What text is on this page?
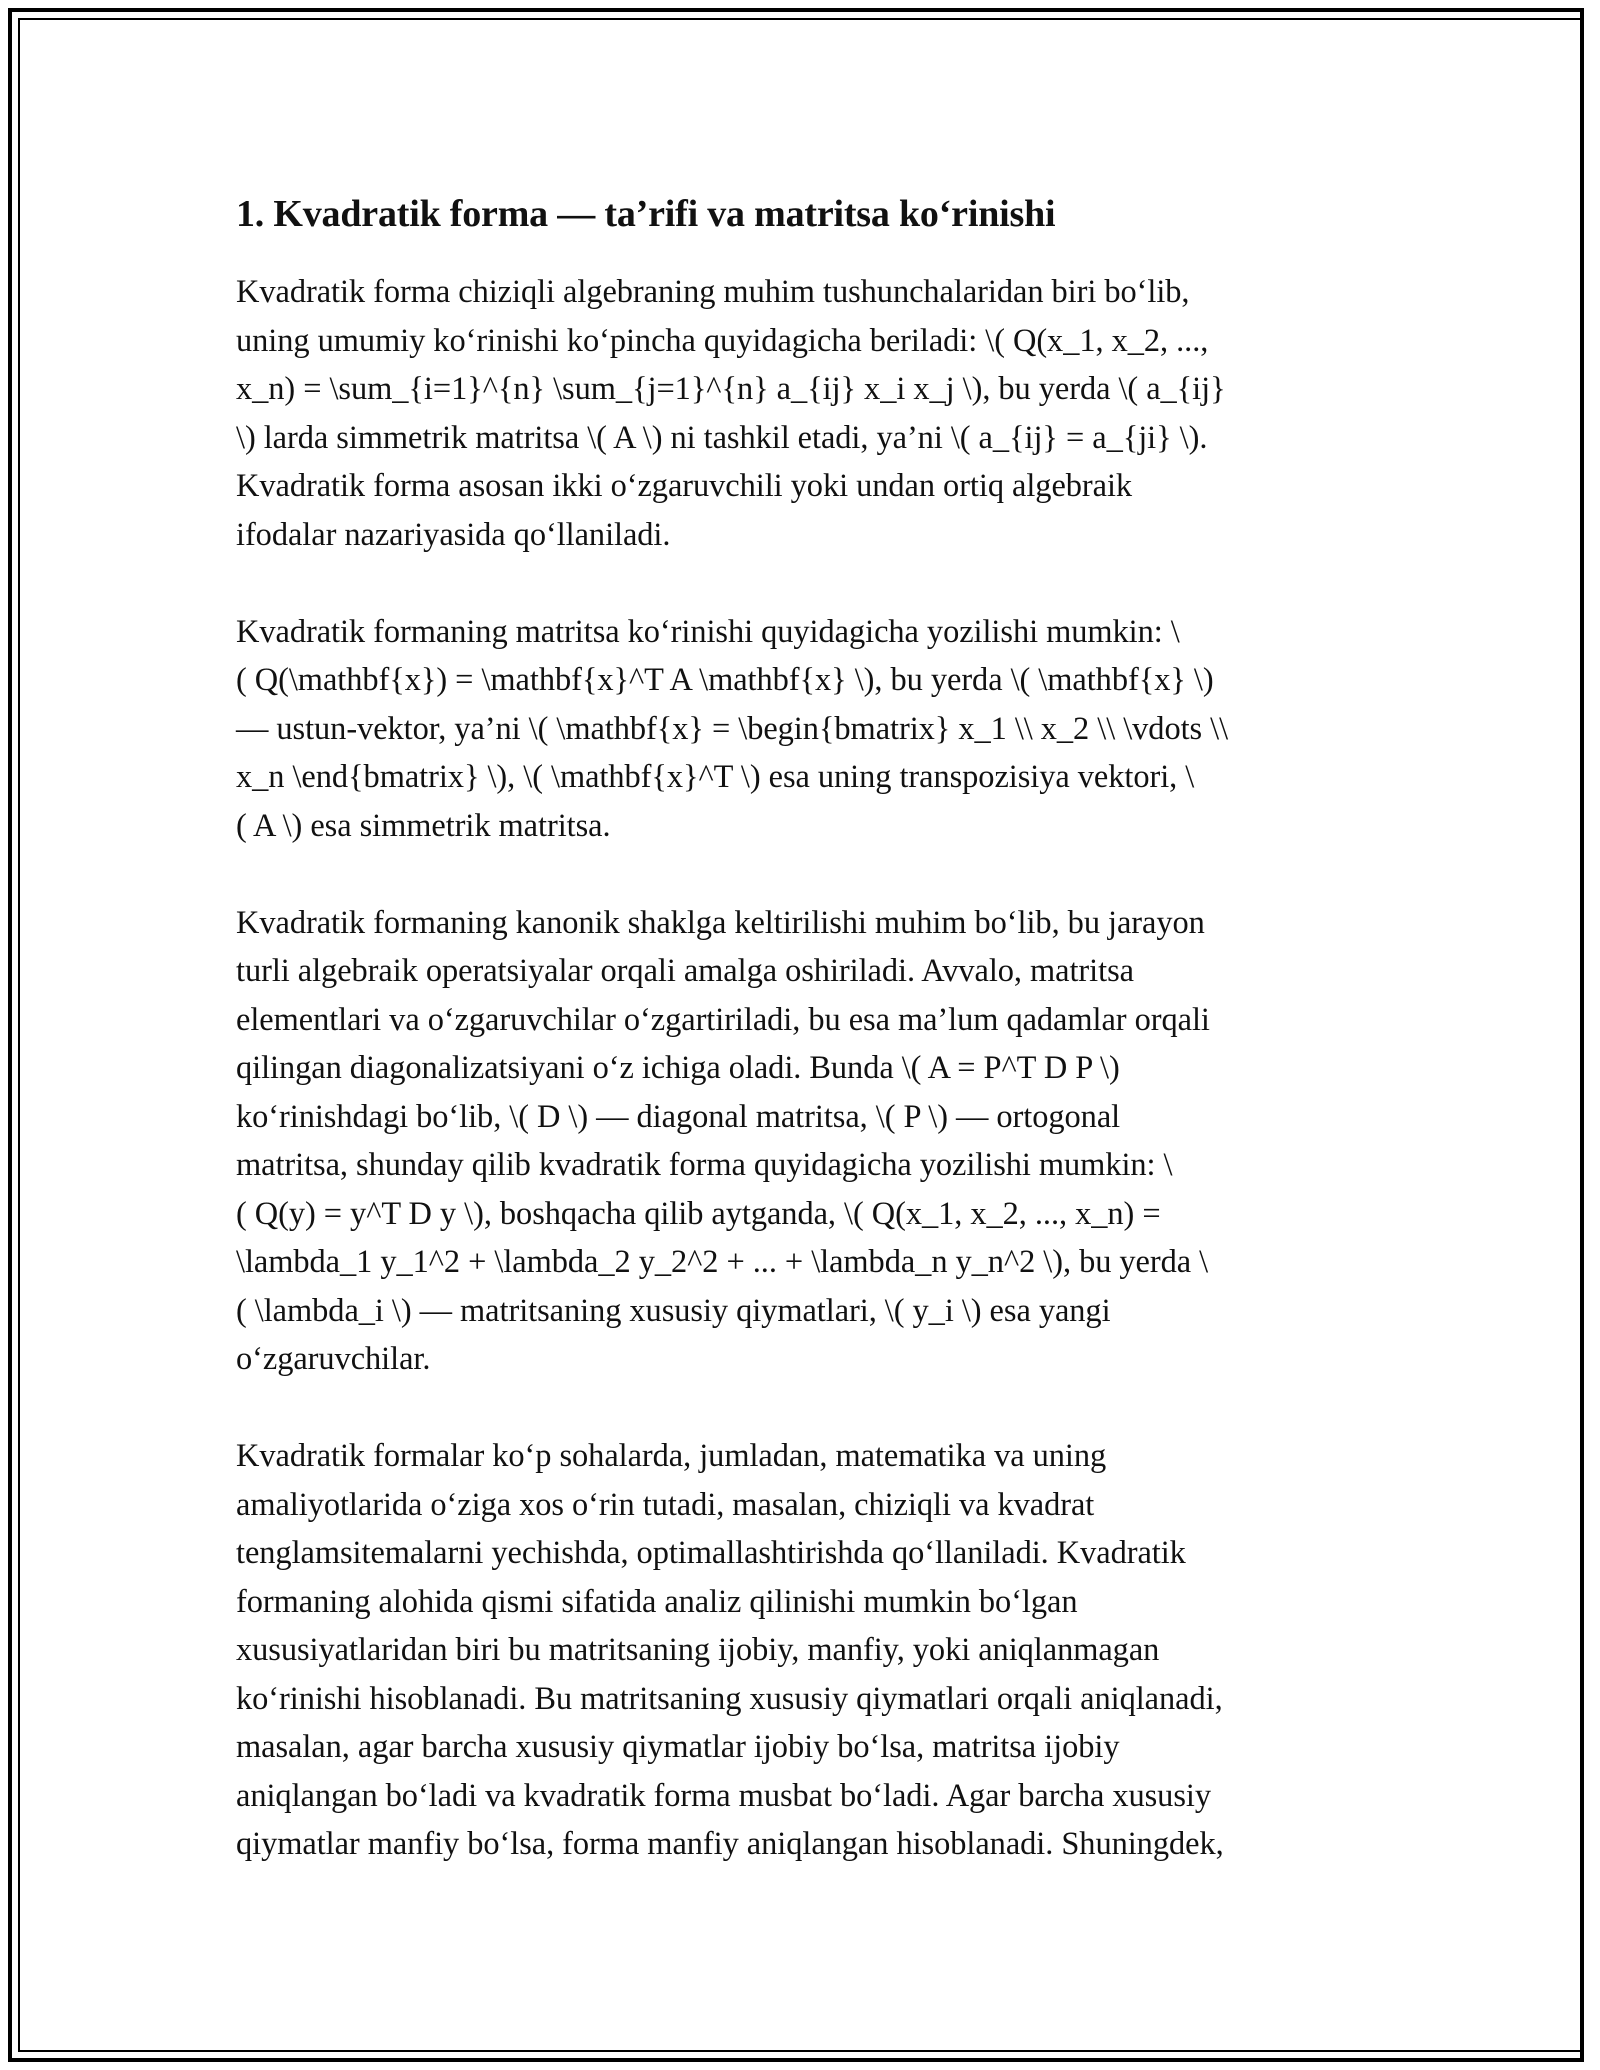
1. Kvadratik forma — ta’rifi va matritsa ko‘rinishi

Kvadratik forma chiziqli algebraning muhim tushunchalaridan biri bo‘lib,
uning umumiy ko‘rinishi ko‘pincha quyidagicha beriladi: \( Q(x_1, x_2, ...,
x_n) = \sum_{i=1}^{n} \sum_{j=1}^{n} a_{ij} x_i x_j \), bu yerda \( a_{ij}
\) larda simmetrik matritsa \( A \) ni tashkil etadi, ya’ni \( a_{ij} = a_{ji} \).
Kvadratik forma asosan ikki o‘zgaruvchili yoki undan ortiq algebraik
ifodalar nazariyasida qo‘llaniladi.

Kvadratik formaning matritsa ko‘rinishi quyidagicha yozilishi mumkin: \
( Q(\mathbf{x}) = \mathbf{x}^T A \mathbf{x} \), bu yerda \( \mathbf{x} \)
— ustun-vektor, ya’ni \( \mathbf{x} = \begin{bmatrix} x_1 \\ x_2 \\ \vdots \\
x_n \end{bmatrix} \), \( \mathbf{x}^T \) esa uning transpozisiya vektori, \
( A \) esa simmetrik matritsa.

Kvadratik formaning kanonik shaklga keltirilishi muhim bo‘lib, bu jarayon
turli algebraik operatsiyalar orqali amalga oshiriladi. Avvalo, matritsa
elementlari va o‘zgaruvchilar o‘zgartiriladi, bu esa ma’lum qadamlar orqali
qilingan diagonalizatsiyani o‘z ichiga oladi. Bunda \( A = P^T D P \)
ko‘rinishdagi bo‘lib, \( D \) — diagonal matritsa, \( P \) — ortogonal
matritsa, shunday qilib kvadratik forma quyidagicha yozilishi mumkin: \
( Q(y) = y^T D y \), boshqacha qilib aytganda, \( Q(x_1, x_2, ..., x_n) =
\lambda_1 y_1^2 + \lambda_2 y_2^2 + ... + \lambda_n y_n^2 \), bu yerda \
( \lambda_i \) — matritsaning xususiy qiymatlari, \( y_i \) esa yangi
o‘zgaruvchilar.

Kvadratik formalar ko‘p sohalarda, jumladan, matematika va uning
amaliyotlarida o‘ziga xos o‘rin tutadi, masalan, chiziqli va kvadrat
tenglamsitemalarni yechishda, optimallashtirishda qo‘llaniladi. Kvadratik
formaning alohida qismi sifatida analiz qilinishi mumkin bo‘lgan
xususiyatlaridan biri bu matritsaning ijobiy, manfiy, yoki aniqlanmagan
ko‘rinishi hisoblanadi. Bu matritsaning xususiy qiymatlari orqali aniqlanadi,
masalan, agar barcha xususiy qiymatlar ijobiy bo‘lsa, matritsa ijobiy
aniqlangan bo‘ladi va kvadratik forma musbat bo‘ladi. Agar barcha xususiy
qiymatlar manfiy bo‘lsa, forma manfiy aniqlangan hisoblanadi. Shuningdek,
